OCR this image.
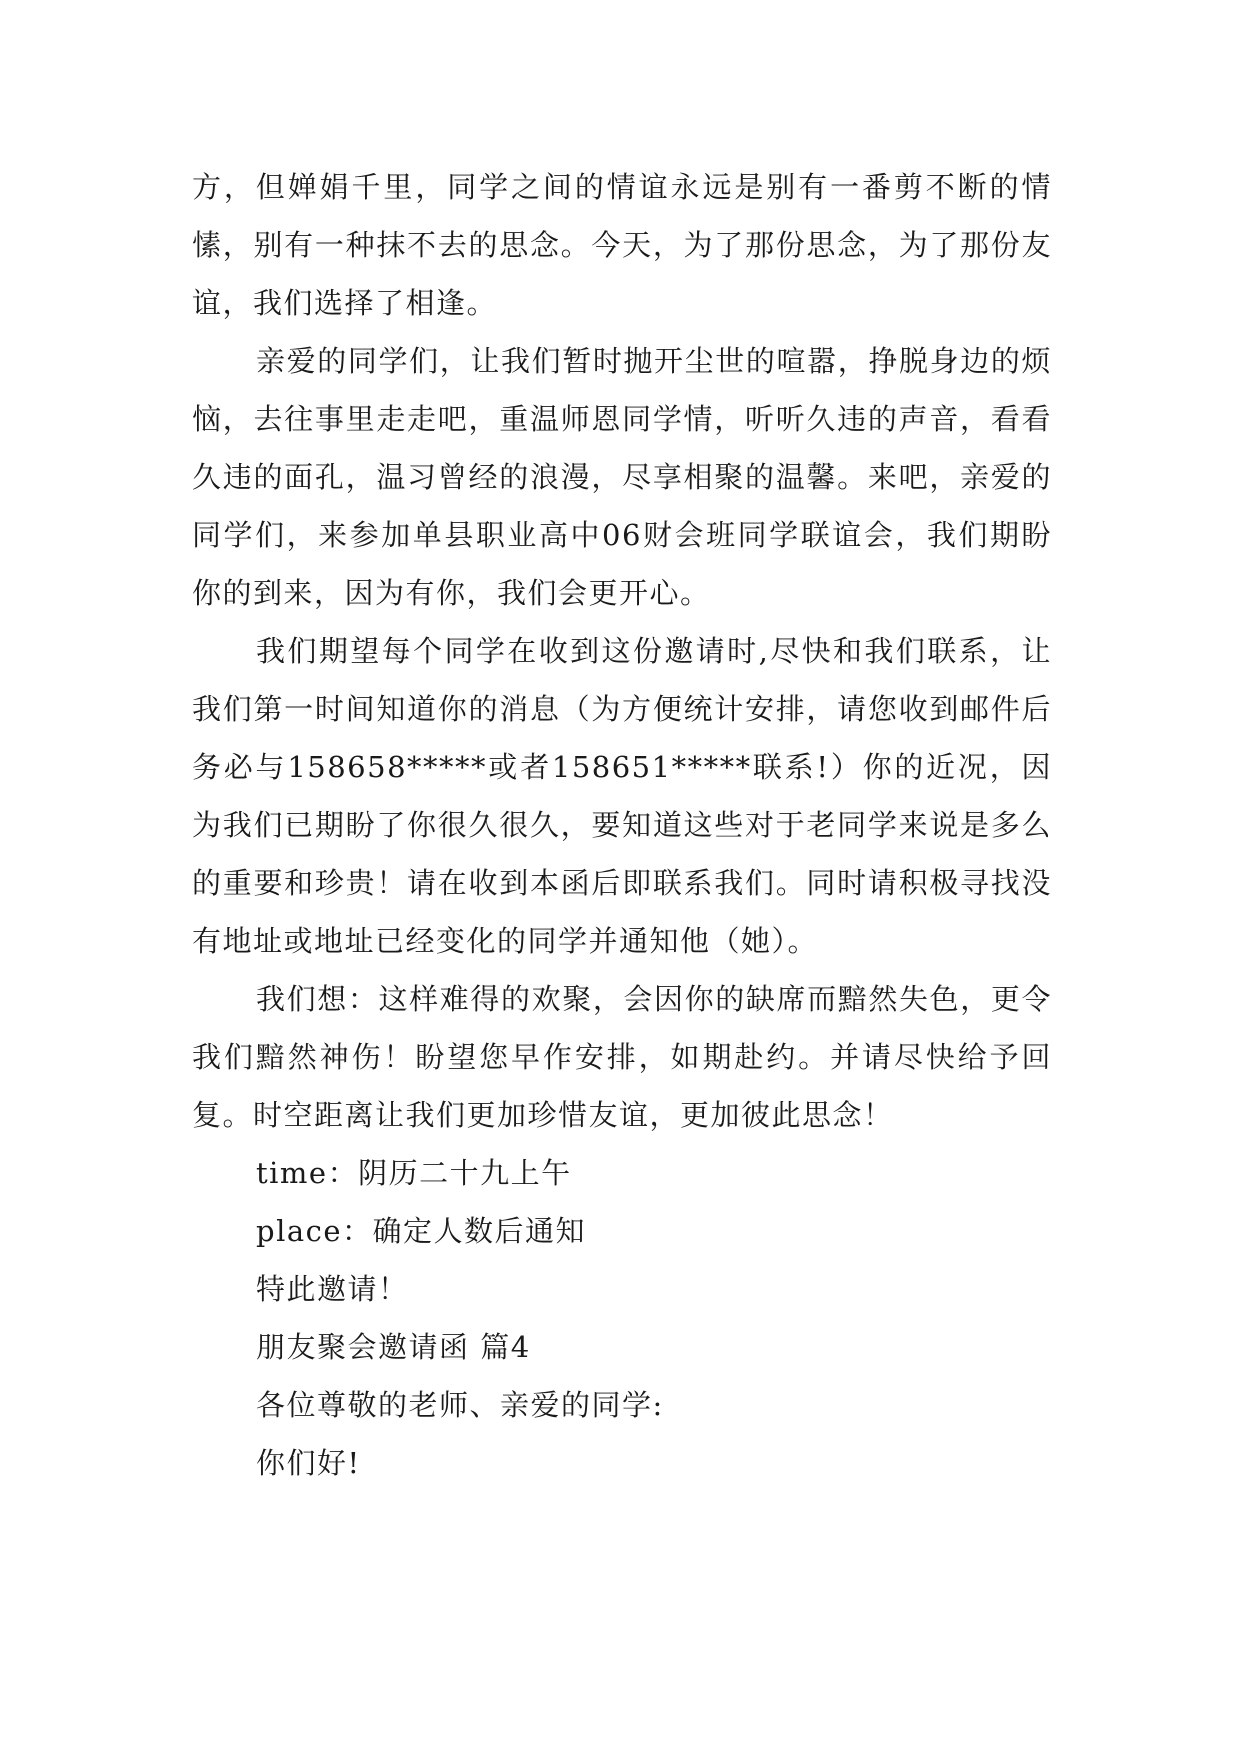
方，但婵娟千里，同学之间的情谊永远是别有一番剪不断的情愫，别有一种抹不去的思念。今天，为了那份思念，为了那份友谊，我们选择了相逢。

亲爱的同学们，让我们暂时抛开尘世的喧嚣，挣脱身边的烦恼，去往事里走走吧，重温师恩同学情，听听久违的声音，看看久违的面孔，温习曾经的浪漫，尽享相聚的温馨。来吧，亲爱的同学们，来参加单县职业高中06财会班同学联谊会，我们期盼你的到来，因为有你，我们会更开心。

我们期望每个同学在收到这份邀请时,尽快和我们联系，让我们第一时间知道你的消息（为方便统计安排，请您收到邮件后务必与158658*****或者158651*****联系!）你的近况，因为我们已期盼了你很久很久，要知道这些对于老同学来说是多么的重要和珍贵！请在收到本函后即联系我们。同时请积极寻找没有地址或地址已经变化的同学并通知他（她）。

我们想：这样难得的欢聚，会因你的缺席而黯然失色，更令我们黯然神伤！盼望您早作安排，如期赴约。并请尽快给予回复。时空距离让我们更加珍惜友谊，更加彼此思念！

time：阴历二十九上午

place：确定人数后通知

特此邀请！

朋友聚会邀请函 篇4

各位尊敬的老师、亲爱的同学:

你们好!
